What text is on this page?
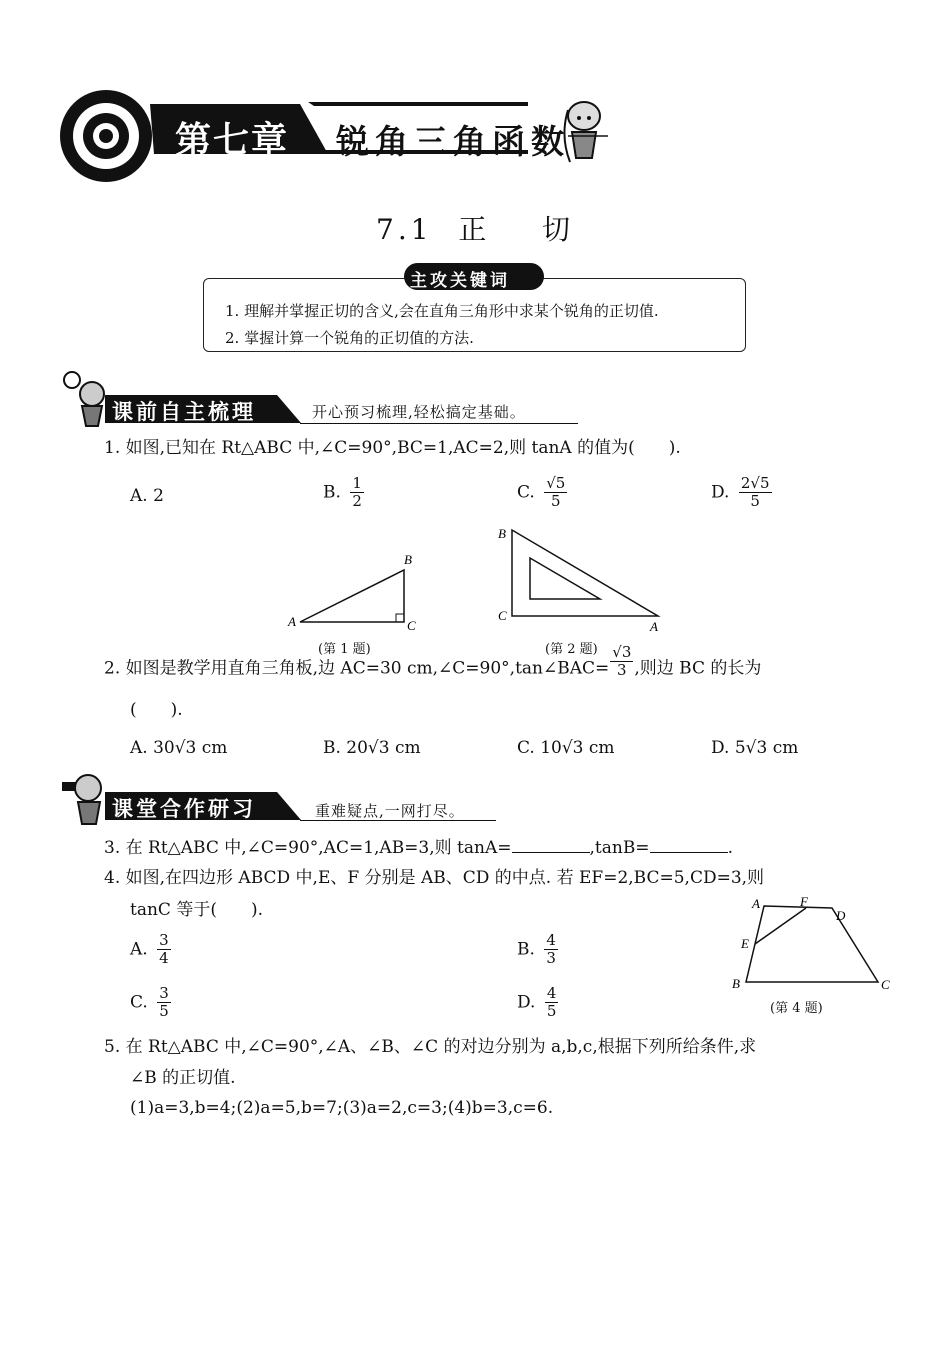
第七章 锐角三角函数
7.1  正    切
主攻关键词
1. 理解并掌握正切的含义,会在直角三角形中求某个锐角的正切值.
2. 掌握计算一个锐角的正切值的方法.
课前自主梳理	开心预习梳理,轻松搞定基础。
1. 如图,已知在 Rt△ABC 中,∠C=90°,BC=1,AC=2,则 tanA 的值为(　　).
A. 2	B. $\frac{1}{2}$	C. $\frac{√5}{5}$	D. $\frac{2√5}{5}$
A
B
C
(第 1 题)
B
C
A
(第 2 题)
2. 如图是教学用直角三角板,边 AC=30 cm,∠C=90°,tan∠BAC= $\frac{√3}{3}$ ,则边 BC 的长为
(　　).
A. 30√3 cm	B. 20√3 cm	C. 10√3 cm	D. 5√3 cm
课堂合作研习	重难疑点,一网打尽。
3. 在 Rt△ABC 中,∠C=90°,AC=1,AB=3,则 tanA=	,tanB=	.
4. 如图,在四边形 ABCD 中,E、F 分别是 AB、CD 的中点. 若 EF=2,BC=5,CD=3,则
tanC 等于(　　).
A. $\frac{3}{4}$	B. $\frac{4}{3}$
C. $\frac{3}{5}$	D. $\frac{4}{5}$
A	F
D
E
B	C
(第 4 题)
5. 在 Rt△ABC 中,∠C=90°,∠A、∠B、∠C 的对边分别为 a,b,c,根据下列所给条件,求
∠B 的正切值.
(1)a=3,b=4;(2)a=5,b=7;(3)a=2,c=3;(4)b=3,c=6.
